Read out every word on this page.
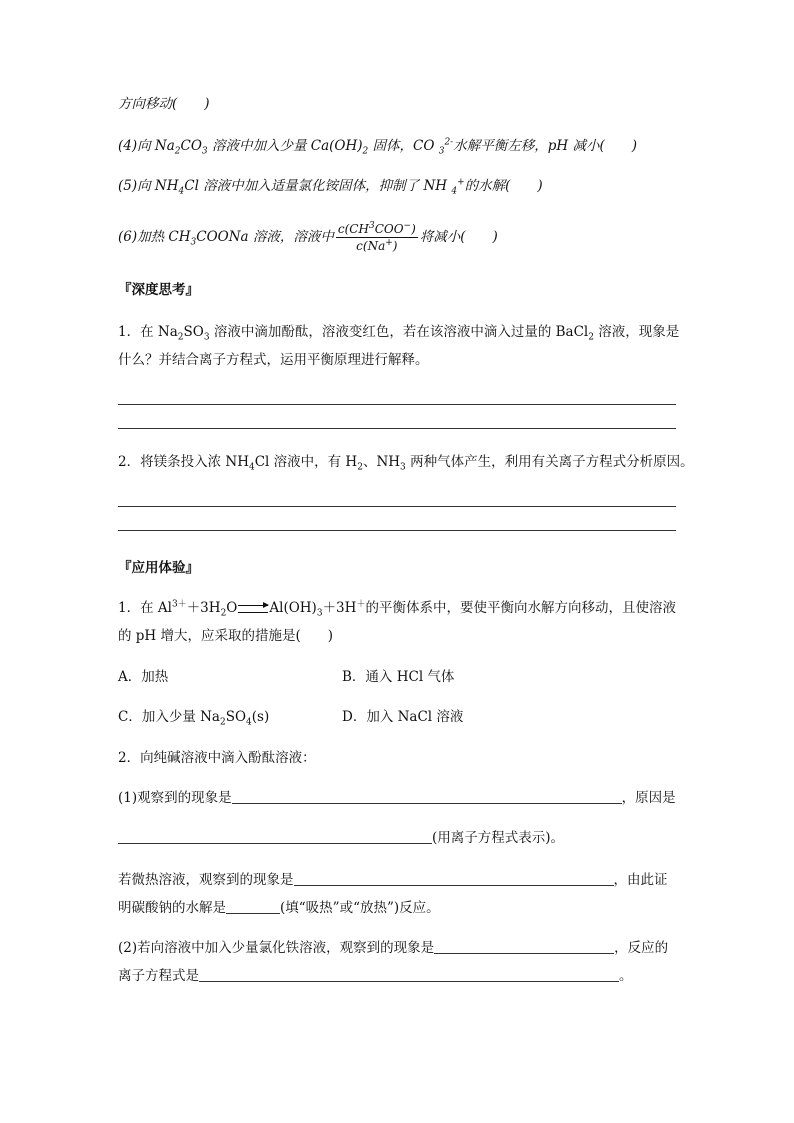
方向移动(　　)
(4)向 $Na_2CO_3$ 溶液中加入少量 $Ca(OH)_2$ 固体，CO $_3^{2-}$水解平衡左移，pH 减小(　　)
(5)向 $NH_4Cl$ 溶液中加入适量氯化铵固体，抑制了 NH $_4$+的水解(　　)
(6)加热 $CH_3COONa$ 溶液，溶液中 $\frac{c(CH^3COO^-)}{c(Na^+)}$ 将减小(　　)
『深度思考』
1．在 $Na_2SO_3$ 溶液中滴加酚酞，溶液变红色，若在该溶液中滴入过量的 BaCl$_2$ 溶液，现象是
什么？并结合离子方程式，运用平衡原理进行解释。
2．将镁条投入浓 $NH_4Cl$ 溶液中，有 $H_2$、$NH_3$ 两种气体产生，利用有关离子方程式分析原因。
『应用体验』
1．在 $Al^{3+}+3H_2O\to Al(OH)_3+3H^+$的平衡体系中，要使平衡向水解方向移动，且使溶液
的 pH 增大，应采取的措施是(　　)
A．加热	B．通入 HCl 气体
C．加入少量 $Na_2SO_4(s)$	D．加入 NaCl 溶液
2．向纯碱溶液中滴入酚酞溶液：
(1)观察到的现象是	，原因是
(用离子方程式表示)。
若微热溶液，观察到的现象是	，由此证
明碳酸钠的水解是	(填“吸热”或“放热”)反应。
(2)若向溶液中加入少量氯化铁溶液，观察到的现象是	，反应的
离子方程式是	。
